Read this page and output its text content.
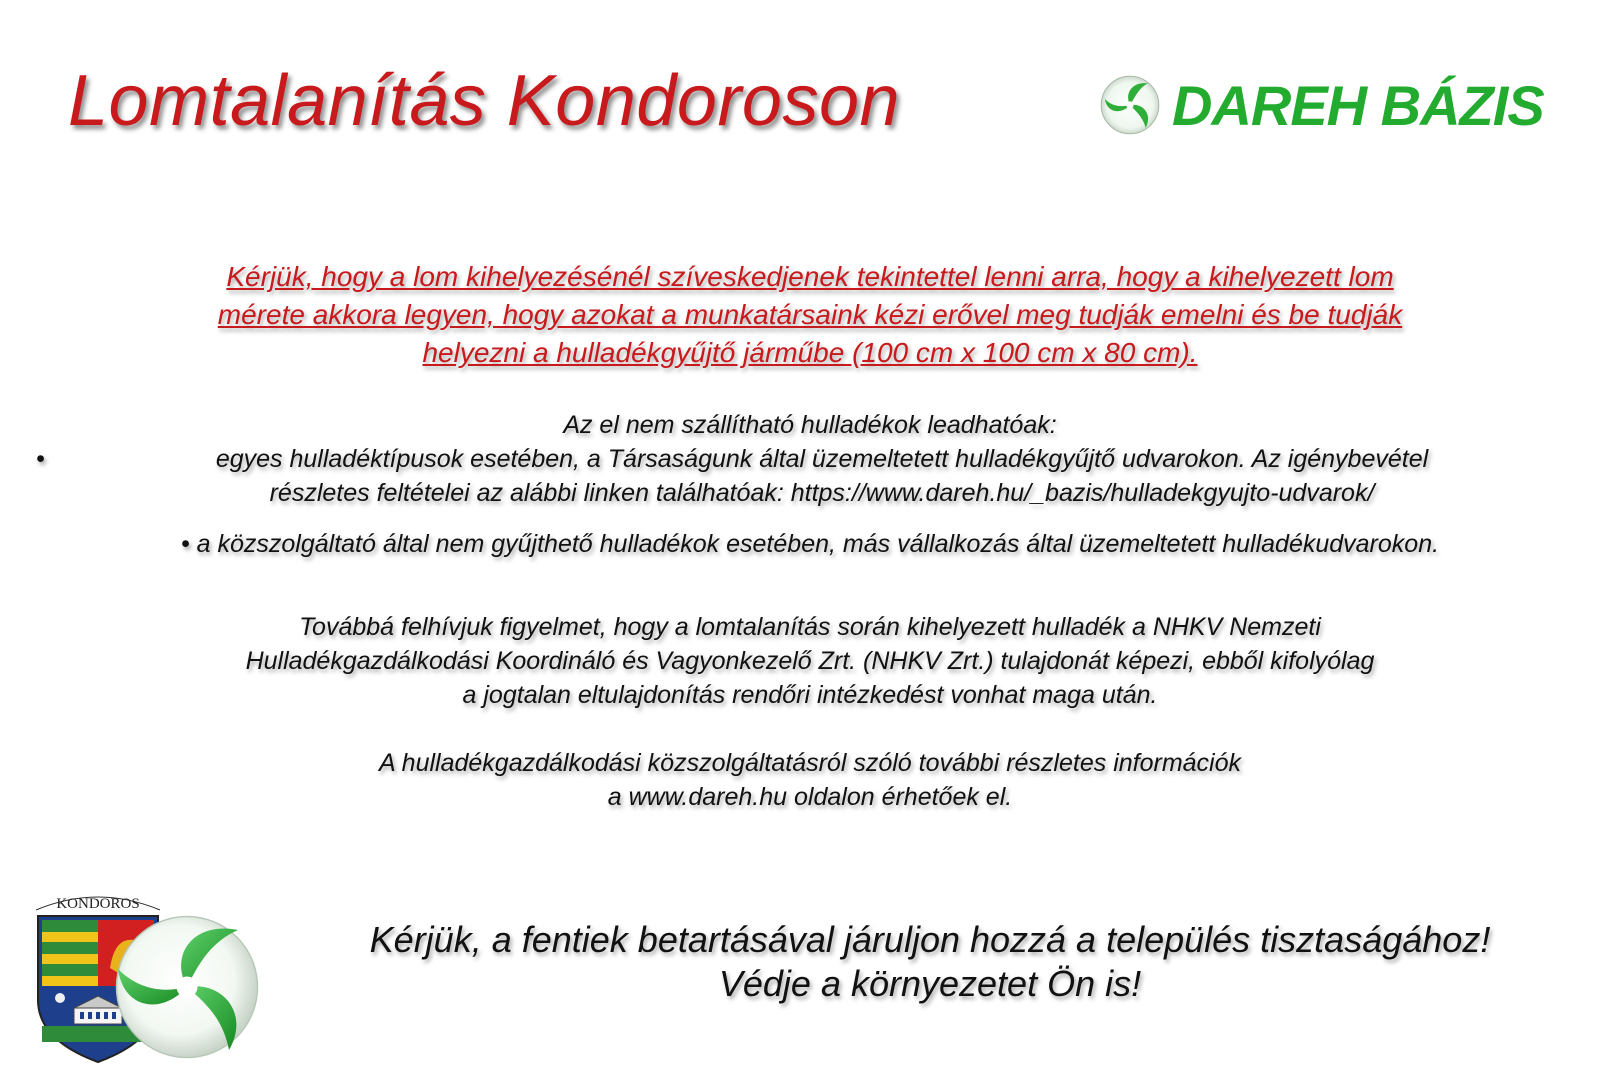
Lomtalanítás Kondoroson	DAREH BÁZIS
Kérjük, hogy a lom kihelyezésénél szíveskedjenek tekintettel lenni arra, hogy a kihelyezett lom
mérete akkora legyen, hogy azokat a munkatársaink kézi erővel meg tudják emelni és be tudják
helyezni a hulladékgyűjtő járműbe (100 cm x 100 cm x 80 cm).
Az el nem szállítható hulladékok leadhatóak:
•	egyes hulladéktípusok esetében, a Társaságunk által üzemeltetett hulladékgyűjtő udvarokon. Az igénybevétel
részletes feltételei az alábbi linken találhatóak: https://www.dareh.hu/_bazis/hulladekgyujto-udvarok/
• a közszolgáltató által nem gyűjthető hulladékok esetében, más vállalkozás által üzemeltetett hulladékudvarokon.
Továbbá felhívjuk figyelmet, hogy a lomtalanítás során kihelyezett hulladék a NHKV Nemzeti
Hulladékgazdálkodási Koordináló és Vagyonkezelő Zrt. (NHKV Zrt.) tulajdonát képezi, ebből kifolyólag
a jogtalan eltulajdonítás rendőri intézkedést vonhat maga után.
A hulladékgazdálkodási közszolgáltatásról szóló további részletes információk
a www.dareh.hu oldalon érhetőek el.
KONDOROS
Kérjük, a fentiek betartásával járuljon hozzá a település tisztaságához!
Védje a környezetet Ön is!
